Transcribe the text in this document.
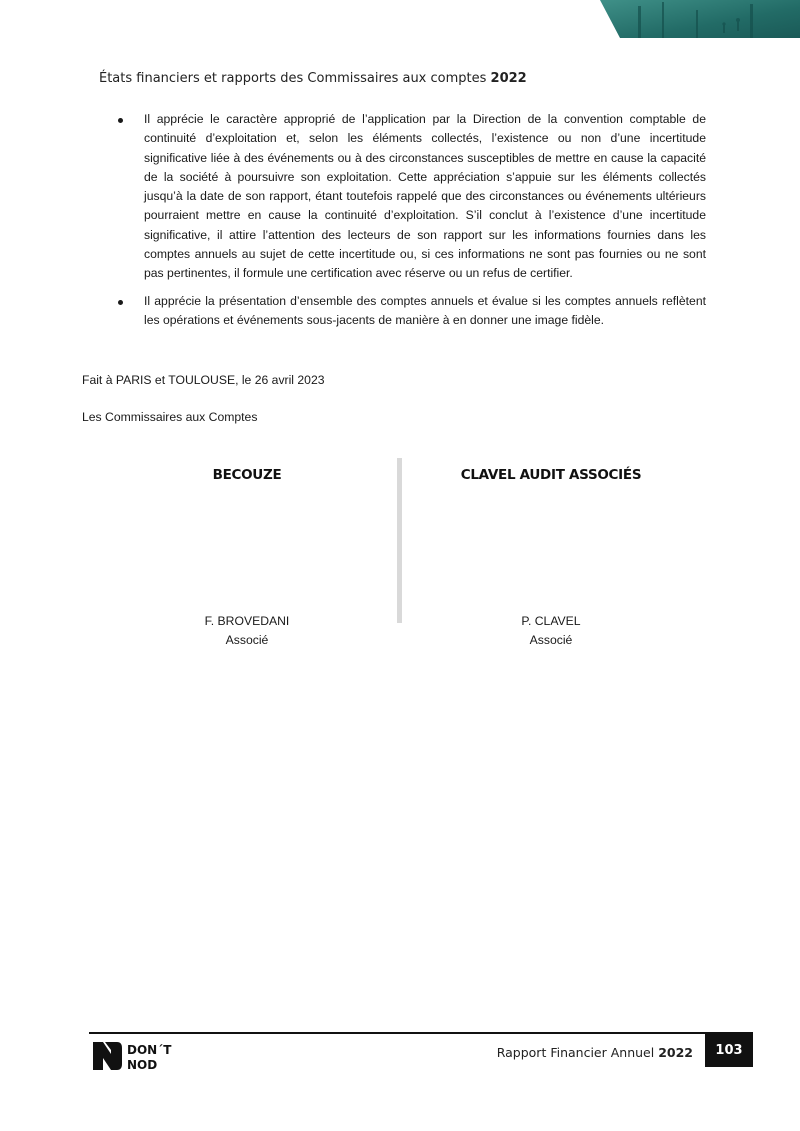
États financiers et rapports des Commissaires aux comptes 2022
Il apprécie le caractère approprié de l’application par la Direction de la convention comptable de continuité d’exploitation et, selon les éléments collectés, l’existence ou non d’une incertitude significative liée à des événements ou à des circonstances susceptibles de mettre en cause la capacité de la société à poursuivre son exploitation. Cette appréciation s’appuie sur les éléments collectés jusqu’à la date de son rapport, étant toutefois rappelé que des circonstances ou événements ultérieurs pourraient mettre en cause la continuité d’exploitation. S’il conclut à l’existence d’une incertitude significative, il attire l’attention des lecteurs de son rapport sur les informations fournies dans les comptes annuels au sujet de cette incertitude ou, si ces informations ne sont pas fournies ou ne sont pas pertinentes, il formule une certification avec réserve ou un refus de certifier.
Il apprécie la présentation d’ensemble des comptes annuels et évalue si les comptes annuels reflètent les opérations et événements sous-jacents de manière à en donner une image fidèle.
Fait à PARIS et TOULOUSE, le 26 avril 2023
Les Commissaires aux Comptes
BECOUZE	CLAVEL AUDIT ASSOCIÉS
F. BROVEDANI
Associé
P. CLAVEL
Associé
DON´T
NOD
Rapport Financier Annuel 2022 103
